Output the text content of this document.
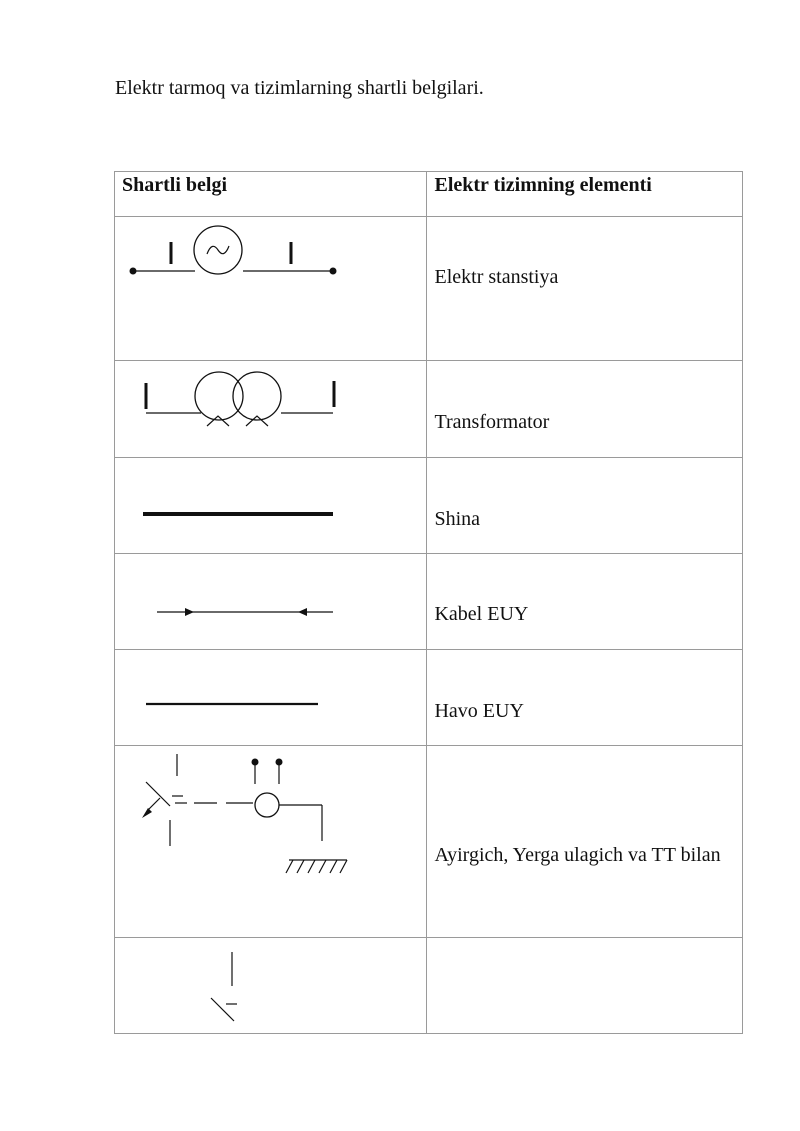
Elektr tarmoq va tizimlarning shartli belgilari.
Shartli belgi	Elektr tizimning elementi

Elektr stanstiya

Transformator

Shina

Kabel EUY

Havo EUY

Ayirgich, Yerga ulagich va TT bilan
